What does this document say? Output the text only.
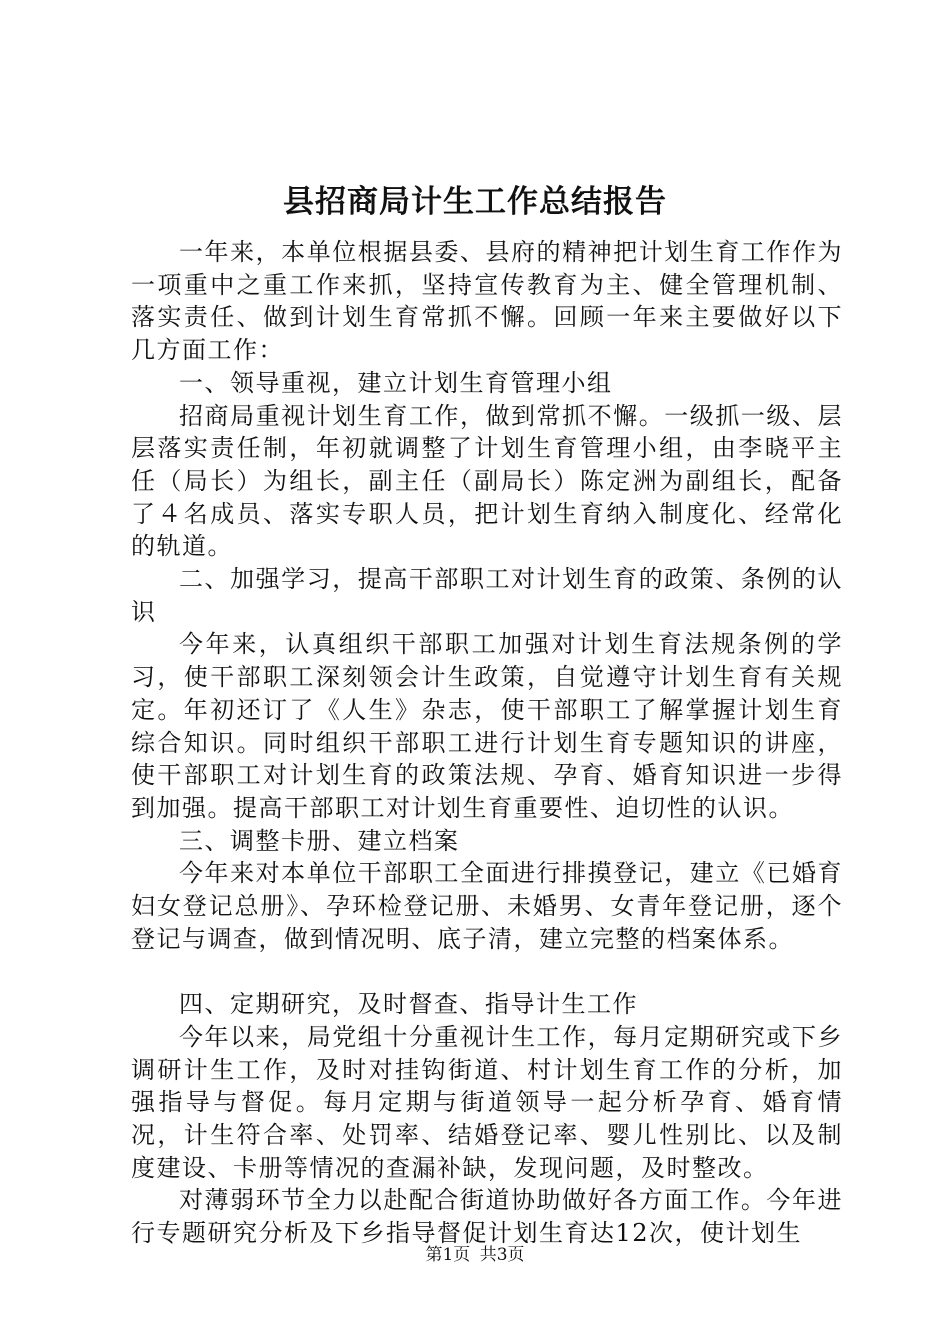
县招商局计生工作总结报告

一年来，本单位根据县委、县府的精神把计划生育工作作为一项重中之重工作来抓，坚持宣传教育为主、健全管理机制、落实责任、做到计划生育常抓不懈。回顾一年来主要做好以下几方面工作：

一、领导重视，建立计划生育管理小组

招商局重视计划生育工作，做到常抓不懈。一级抓一级、层层落实责任制，年初就调整了计划生育管理小组，由李晓平主任（局长）为组长，副主任（副局长）陈定洲为副组长，配备了４名成员、落实专职人员，把计划生育纳入制度化、经常化的轨道。

二、加强学习，提高干部职工对计划生育的政策、条例的认识

今年来，认真组织干部职工加强对计划生育法规条例的学习，使干部职工深刻领会计生政策，自觉遵守计划生育有关规定。年初还订了《人生》杂志，使干部职工了解掌握计划生育综合知识。同时组织干部职工进行计划生育专题知识的讲座，使干部职工对计划生育的政策法规、孕育、婚育知识进一步得到加强。提高干部职工对计划生育重要性、迫切性的认识。

三、调整卡册、建立档案

今年来对本单位干部职工全面进行排摸登记，建立《已婚育妇女登记总册》、孕环检登记册、未婚男、女青年登记册，逐个登记与调查，做到情况明、底子清，建立完整的档案体系。

四、定期研究，及时督查、指导计生工作

今年以来，局党组十分重视计生工作，每月定期研究或下乡调研计生工作，及时对挂钩街道、村计划生育工作的分析，加强指导与督促。每月定期与街道领导一起分析孕育、婚育情况，计生符合率、处罚率、结婚登记率、婴儿性别比、以及制度建设、卡册等情况的查漏补缺，发现问题，及时整改。

对薄弱环节全力以赴配合街道协助做好各方面工作。今年进行专题研究分析及下乡指导督促计划生育达12次，使计划生

第1页 共3页
